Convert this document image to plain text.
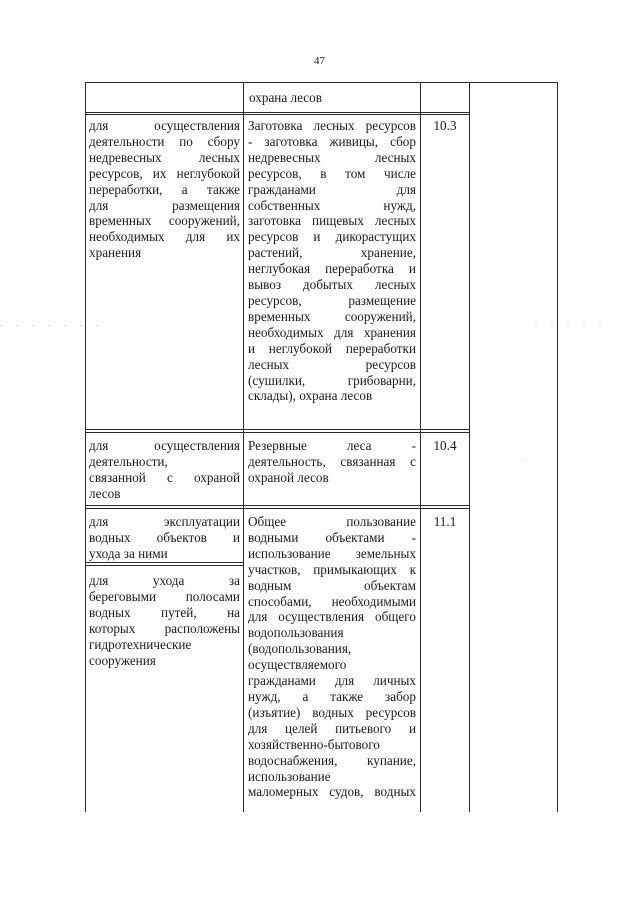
47
охрана лесов
для осуществления
деятельности по сбору
недревесных лесных
ресурсов, их неглубокой
переработки, а также
для размещения
временных сооружений,
необходимых для их
хранения
Заготовка лесных ресурсов
- заготовка живицы, сбор
недревесных лесных
ресурсов, в том числе
гражданами для
собственных нужд,
заготовка пищевых лесных
ресурсов и дикорастущих
растений, хранение,
неглубокая переработка и
вывоз добытых лесных
ресурсов, размещение
временных сооружений,
необходимых для хранения
и неглубокой переработки
лесных ресурсов
(сушилки, грибоварни,
склады), охрана лесов
10.3
для осуществления
деятельности,
связанной с охраной
лесов
Резервные леса -
деятельность, связанная с
охраной лесов
10.4
для эксплуатации
водных объектов и
ухода за ними
для ухода за
береговыми полосами
водных путей, на
которых расположены
гидротехнические
сооружения
Общее пользование
водными объектами -
использование земельных
участков, примыкающих к
водным объектам
способами, необходимыми
для осуществления общего
водопользования
(водопользования,
осуществляемого
гражданами для личных
нужд, а также забор
(изъятие) водных ресурсов
для целей питьевого и
хозяйственно-бытового
водоснабжения, купание,
использование
маломерных судов, водных
11.1
. . . . . . .	. . . . .
.
